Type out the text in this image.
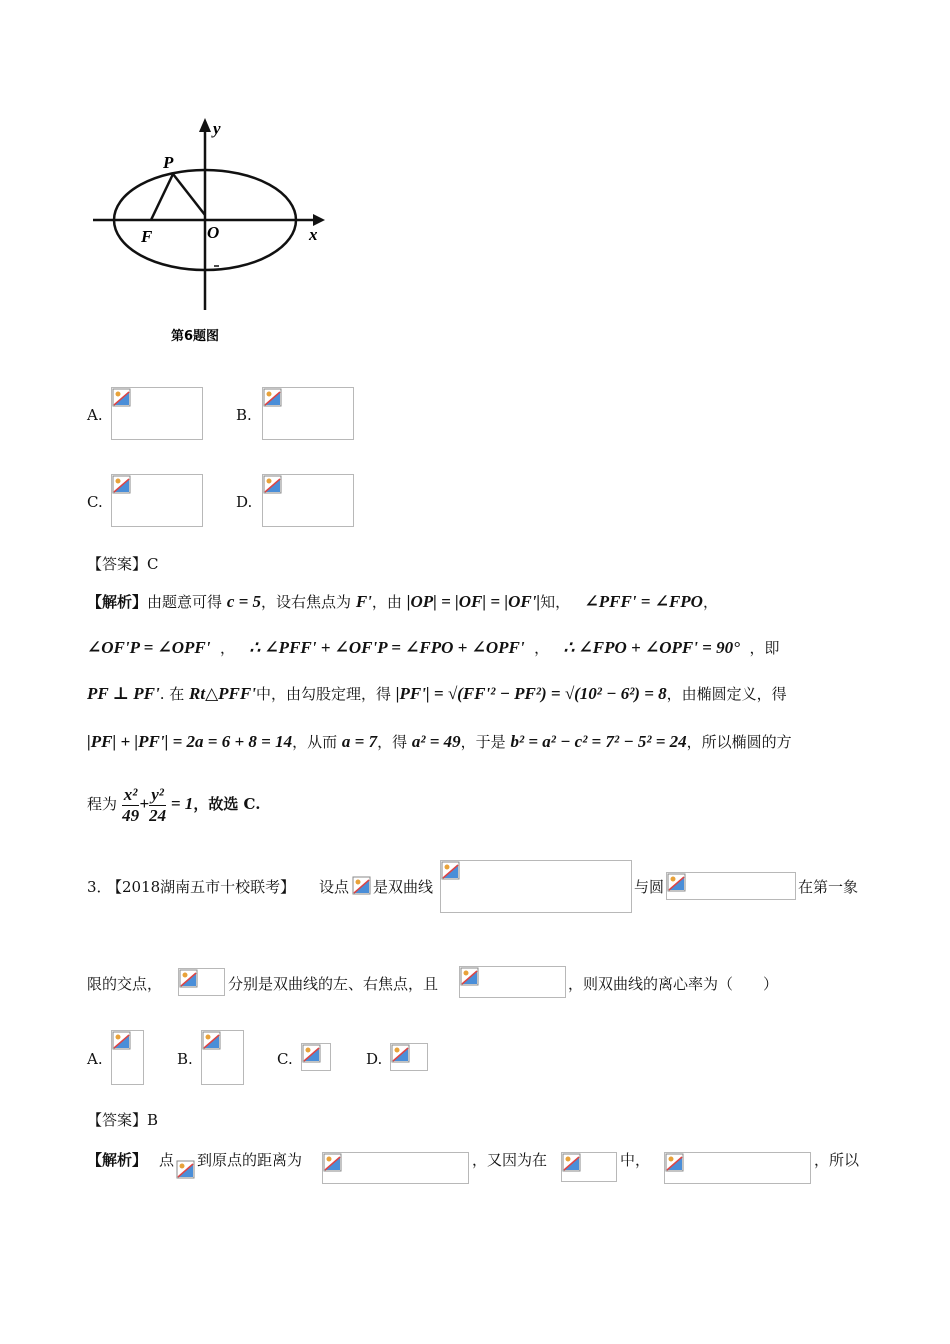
y
x
P
F	O
第6题图
A.	B.
C.	D.
【答案】C
【解析】由题意可得 c = 5，设右焦点为 F'，由 |OP| = |OF| = |OF'|知， ∠PFF' = ∠FPO，
∠OF'P = ∠OPF' ， ∴ ∠PFF' + ∠OF'P = ∠FPO + ∠OPF' ， ∴ ∠FPO + ∠OPF' = 90° ，即
PF ⊥ PF'. 在 Rt△PFF'中，由勾股定理，得 |PF'| = √(FF'² − PF²) = √(10² − 6²) = 8，由椭圆定义，得
|PF| + |PF'| = 2a = 6 + 8 = 14，从而 a = 7，得 a² = 49，于是 b² = a² − c² = 7² − 5² = 24，所以椭圆的方
程为 $\frac{\text{x²}}{49} + \frac{\text{y²}}{24} = 1$，故选 C.
3．
【2018湖南五市十校联考】 设点 是双曲线	与圆	在第一象
限的交点，	分别是双曲线的左、右焦点，且	，则双曲线的离心率为（　　）
A.	B.	C.	D.
【答案】B
【解析】 点 到原点的距离为	，又因为在	中，	，所以
